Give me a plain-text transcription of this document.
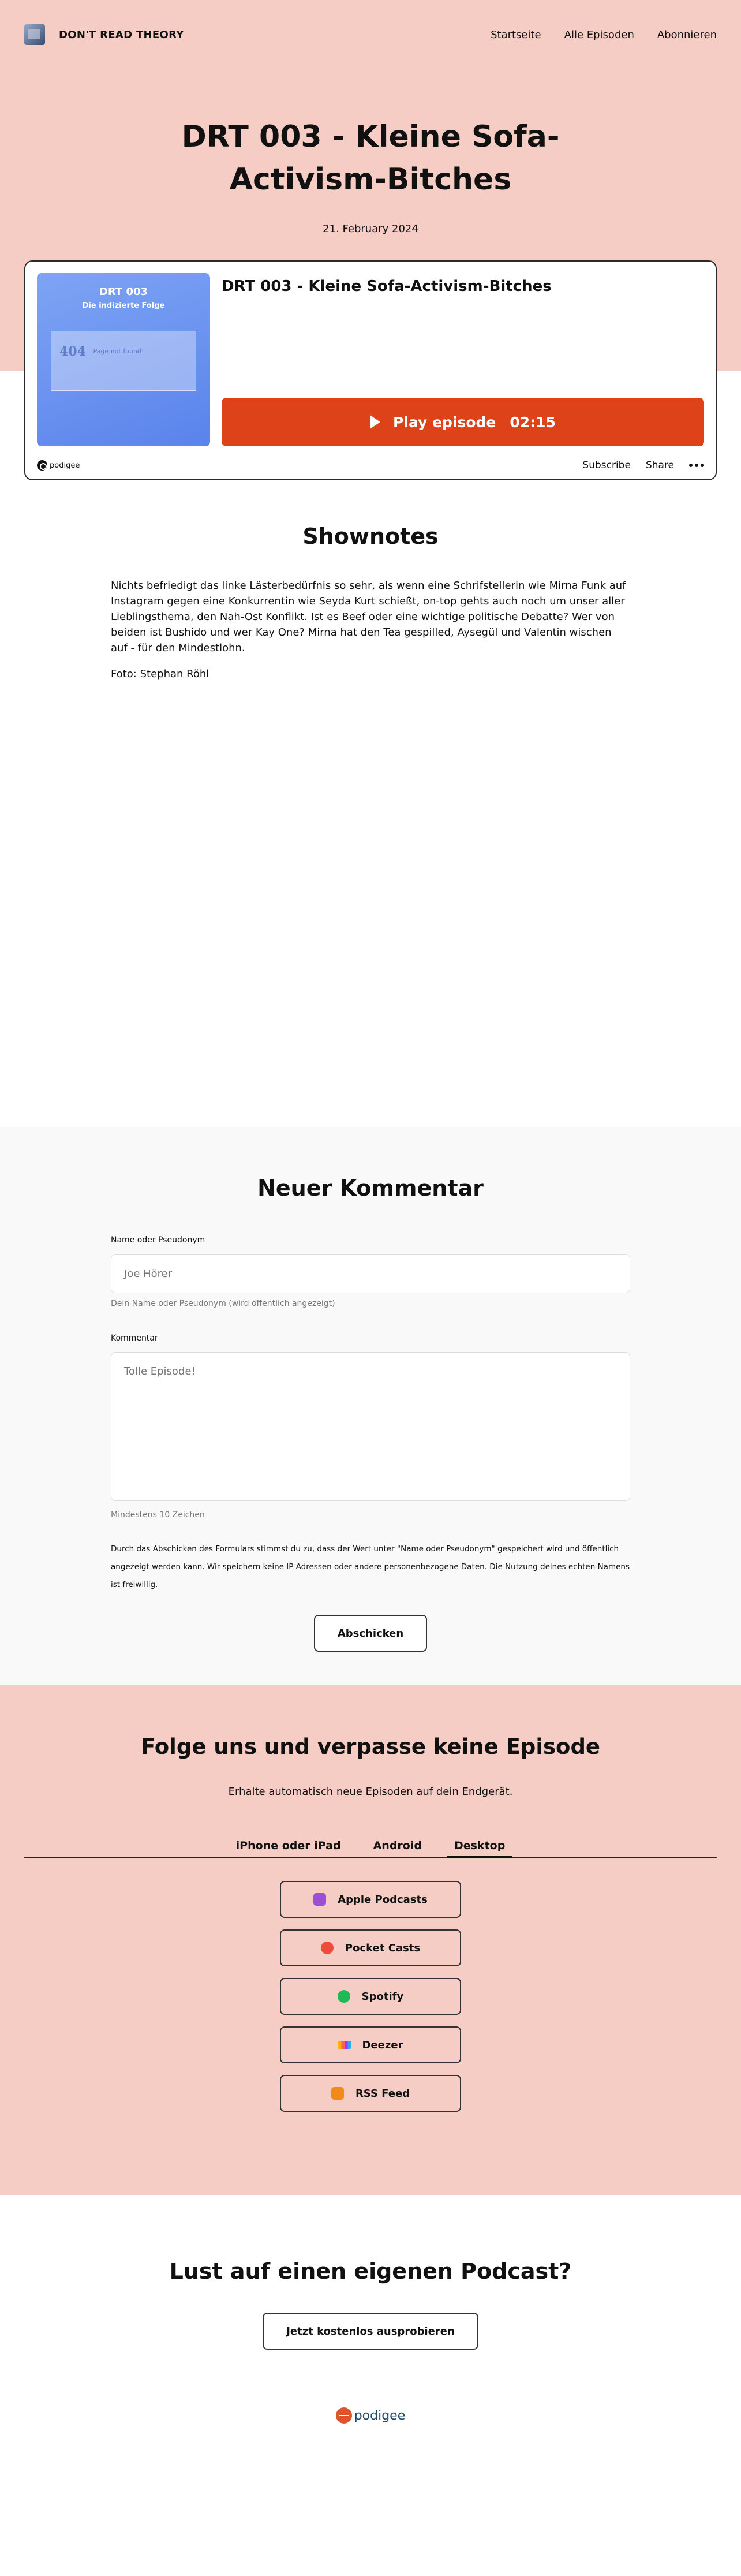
DON'T READ THEORY	Startseite Alle Episoden Abonnieren
DRT 003 - Kleine Sofa-Activism-Bitches
21. February 2024
DRT 003
Die indizierte Folge
404 Page not found!
DRT 003 - Kleine Sofa-Activism-Bitches
Play episode 02:15
podigee	Subscribe Share
Shownotes

Nichts befriedigt das linke Lästerbedürfnis so sehr, als wenn eine Schrifstellerin wie Mirna Funk auf Instagram gegen eine Konkurrentin wie Seyda Kurt schießt, on-top gehts auch noch um unser aller Lieblingsthema, den Nah-Ost Konflikt. Ist es Beef oder eine wichtige politische Debatte? Wer von beiden ist Bushido und wer Kay One? Mirna hat den Tea gespilled, Aysegül und Valentin wischen auf - für den Mindestlohn.

Foto: Stephan Röhl

Neuer Kommentar
Name oder Pseudonym
Joe Hörer
Dein Name oder Pseudonym (wird öffentlich angezeigt)
Kommentar
Tolle Episode!
Mindestens 10 Zeichen

Durch das Abschicken des Formulars stimmst du zu, dass der Wert unter "Name oder Pseudonym" gespeichert wird und öffentlich angezeigt werden kann. Wir speichern keine IP-Adressen oder andere personenbezogene Daten. Die Nutzung deines echten Namens ist freiwillig.

Abschicken
Folge uns und verpasse keine Episode
Erhalte automatisch neue Episoden auf dein Endgerät.
iPhone oder iPad	Android	Desktop
Apple Podcasts
Pocket Casts
Spotify
Deezer
RSS Feed
Lust auf einen eigenen Podcast?
Jetzt kostenlos ausprobieren
podigee
